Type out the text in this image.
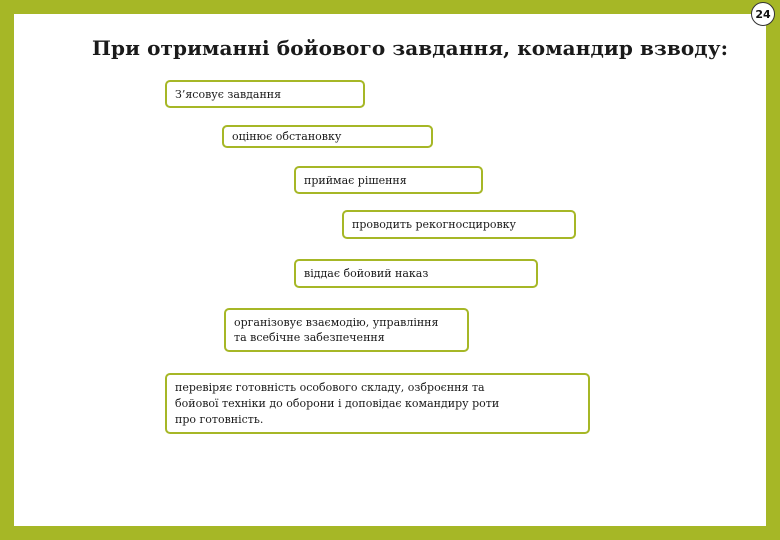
24
При отриманні бойового завдання, командир взводу:
З’ясовує завдання
оцінює обстановку
приймає рішення
проводить рекогносцировку
віддає бойовий наказ
організовує взаємодію, управління та всебічне забезпечення
перевіряє готовність особового складу, озброєння та бойової техніки до оборони і доповідає командиру роти про готовність.
